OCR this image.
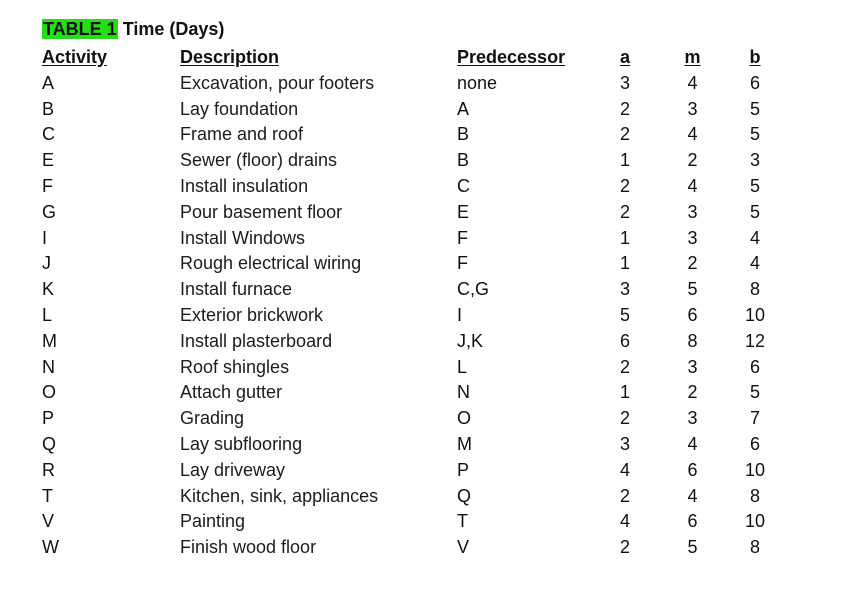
TABLE 1 Time (Days)
Activity	Description	Predecessor	a	m	b
A	Excavation, pour footers	none	3	4	6
B	Lay foundation	A	2	3	5
C	Frame and roof	B	2	4	5
E	Sewer (floor) drains	B	1	2	3
F	Install insulation	C	2	4	5
G	Pour basement floor	E	2	3	5
I	Install Windows	F	1	3	4
J	Rough electrical wiring	F	1	2	4
K	Install furnace	C,G	3	5	8
L	Exterior brickwork	I	5	6	10
M	Install plasterboard	J,K	6	8	12
N	Roof shingles	L	2	3	6
O	Attach gutter	N	1	2	5
P	Grading	O	2	3	7
Q	Lay subflooring	M	3	4	6
R	Lay driveway	P	4	6	10
T	Kitchen, sink, appliances	Q	2	4	8
V	Painting	T	4	6	10
W	Finish wood floor	V	2	5	8
